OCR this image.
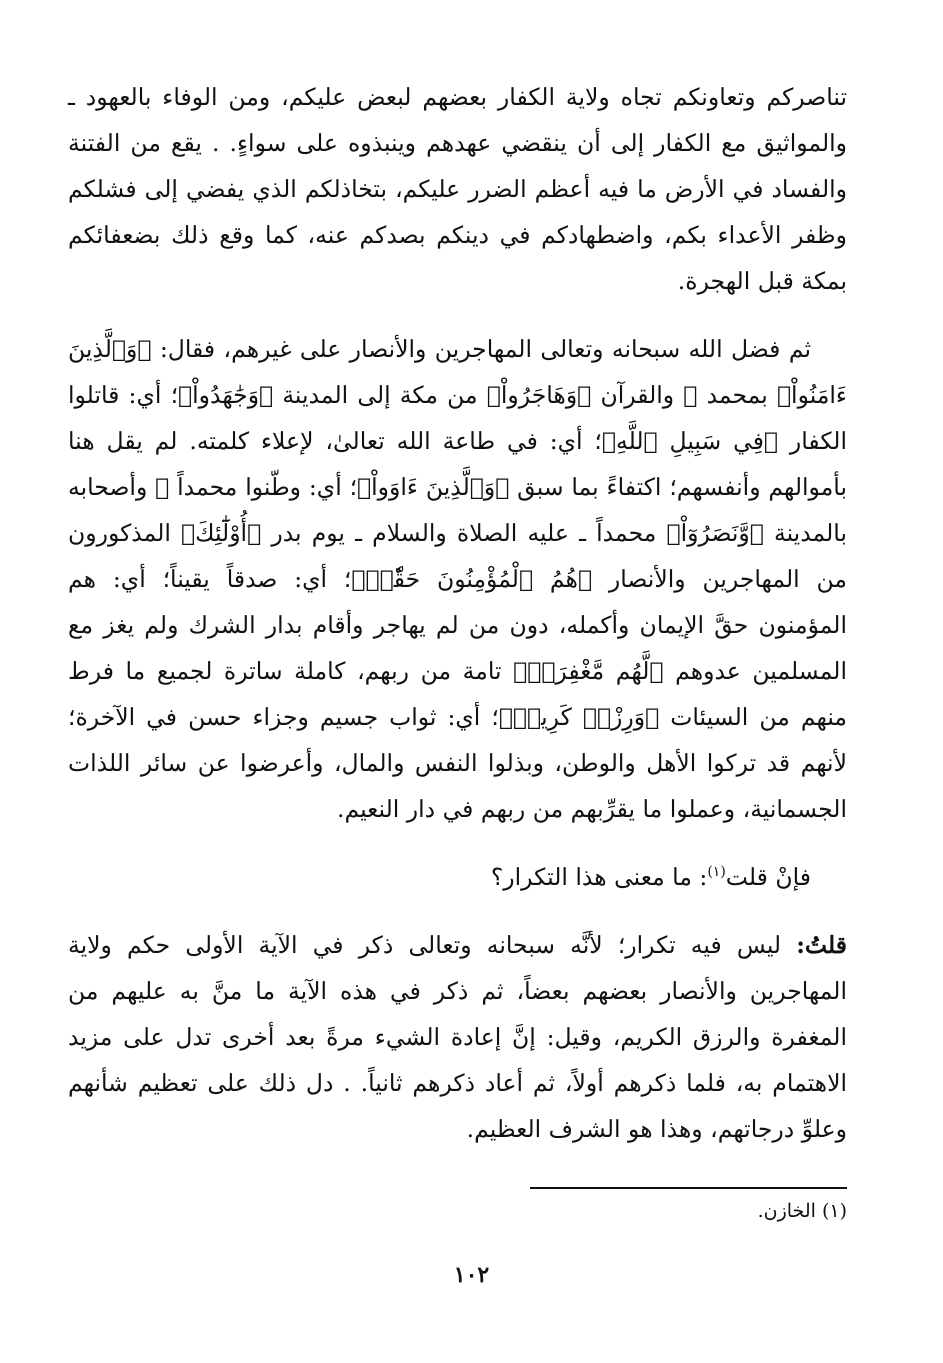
تناصركم وتعاونكم تجاه ولاية الكفار بعضهم لبعض عليكم، ومن الوفاء بالعهود ـ والمواثيق مع الكفار إلى أن ينقضي عهدهم وينبذوه على سواءٍ. . يقع من الفتنة والفساد في الأرض ما فيه أعظم الضرر عليكم، بتخاذلكم الذي يفضي إلى فشلكم وظفر الأعداء بكم، واضطهادكم في دينكم بصدكم عنه، كما وقع ذلك بضعفائكم بمكة قبل الهجرة.

ثم فضل الله سبحانه وتعالى المهاجرين والأنصار على غيرهم، فقال: ﴿وَٱلَّذِينَ ءَامَنُواْ﴾ بمحمد ﷺ والقرآن ﴿وَهَاجَرُواْ﴾ من مكة إلى المدينة ﴿وَجَٰهَدُواْ﴾؛ أي: قاتلوا الكفار ﴿فِي سَبِيلِ ٱللَّهِ﴾؛ أي: في طاعة الله تعالىٰ، لإعلاء كلمته. لم يقل هنا بأموالهم وأنفسهم؛ اكتفاءً بما سبق ﴿وَٱلَّذِينَ ءَاوَواْ﴾؛ أي: وطّنوا محمداً ﷺ وأصحابه بالمدينة ﴿وَّنَصَرُوٓاْ﴾ محمداً ـ عليه الصلاة والسلام ـ يوم بدر ﴿أُوْلَٰٓئِكَ﴾ المذكورون من المهاجرين والأنصار ﴿هُمُ ٱلْمُؤْمِنُونَ حَقّٗاۚ﴾؛ أي: صدقاً يقيناً؛ أي: هم المؤمنون حقَّ الإيمان وأكمله، دون من لم يهاجر وأقام بدار الشرك ولم يغز مع المسلمين عدوهم ﴿لَّهُم مَّغْفِرَةٞ﴾ تامة من ربهم، كاملة ساترة لجميع ما فرط منهم من السيئات ﴿وَرِزْقٞ كَرِيمٞ﴾؛ أي: ثواب جسيم وجزاء حسن في الآخرة؛ لأنهم قد تركوا الأهل والوطن، وبذلوا النفس والمال، وأعرضوا عن سائر اللذات الجسمانية، وعملوا ما يقرِّبهم من ربهم في دار النعيم.

فإنْ قلت$^{(١)}$: ما معنى هذا التكرار؟

قلتُ: ليس فيه تكرار؛ لأنَّه سبحانه وتعالى ذكر في الآية الأولى حكم ولاية المهاجرين والأنصار بعضهم بعضاً، ثم ذكر في هذه الآية ما منَّ به عليهم من المغفرة والرزق الكريم، وقيل: إنَّ إعادة الشيء مرةً بعد أخرى تدل على مزيد الاهتمام به، فلما ذكرهم أولاً، ثم أعاد ذكرهم ثانياً. . دل ذلك على تعظيم شأنهم وعلوِّ درجاتهم، وهذا هو الشرف العظيم.

(١) الخازن.
١٠٢
